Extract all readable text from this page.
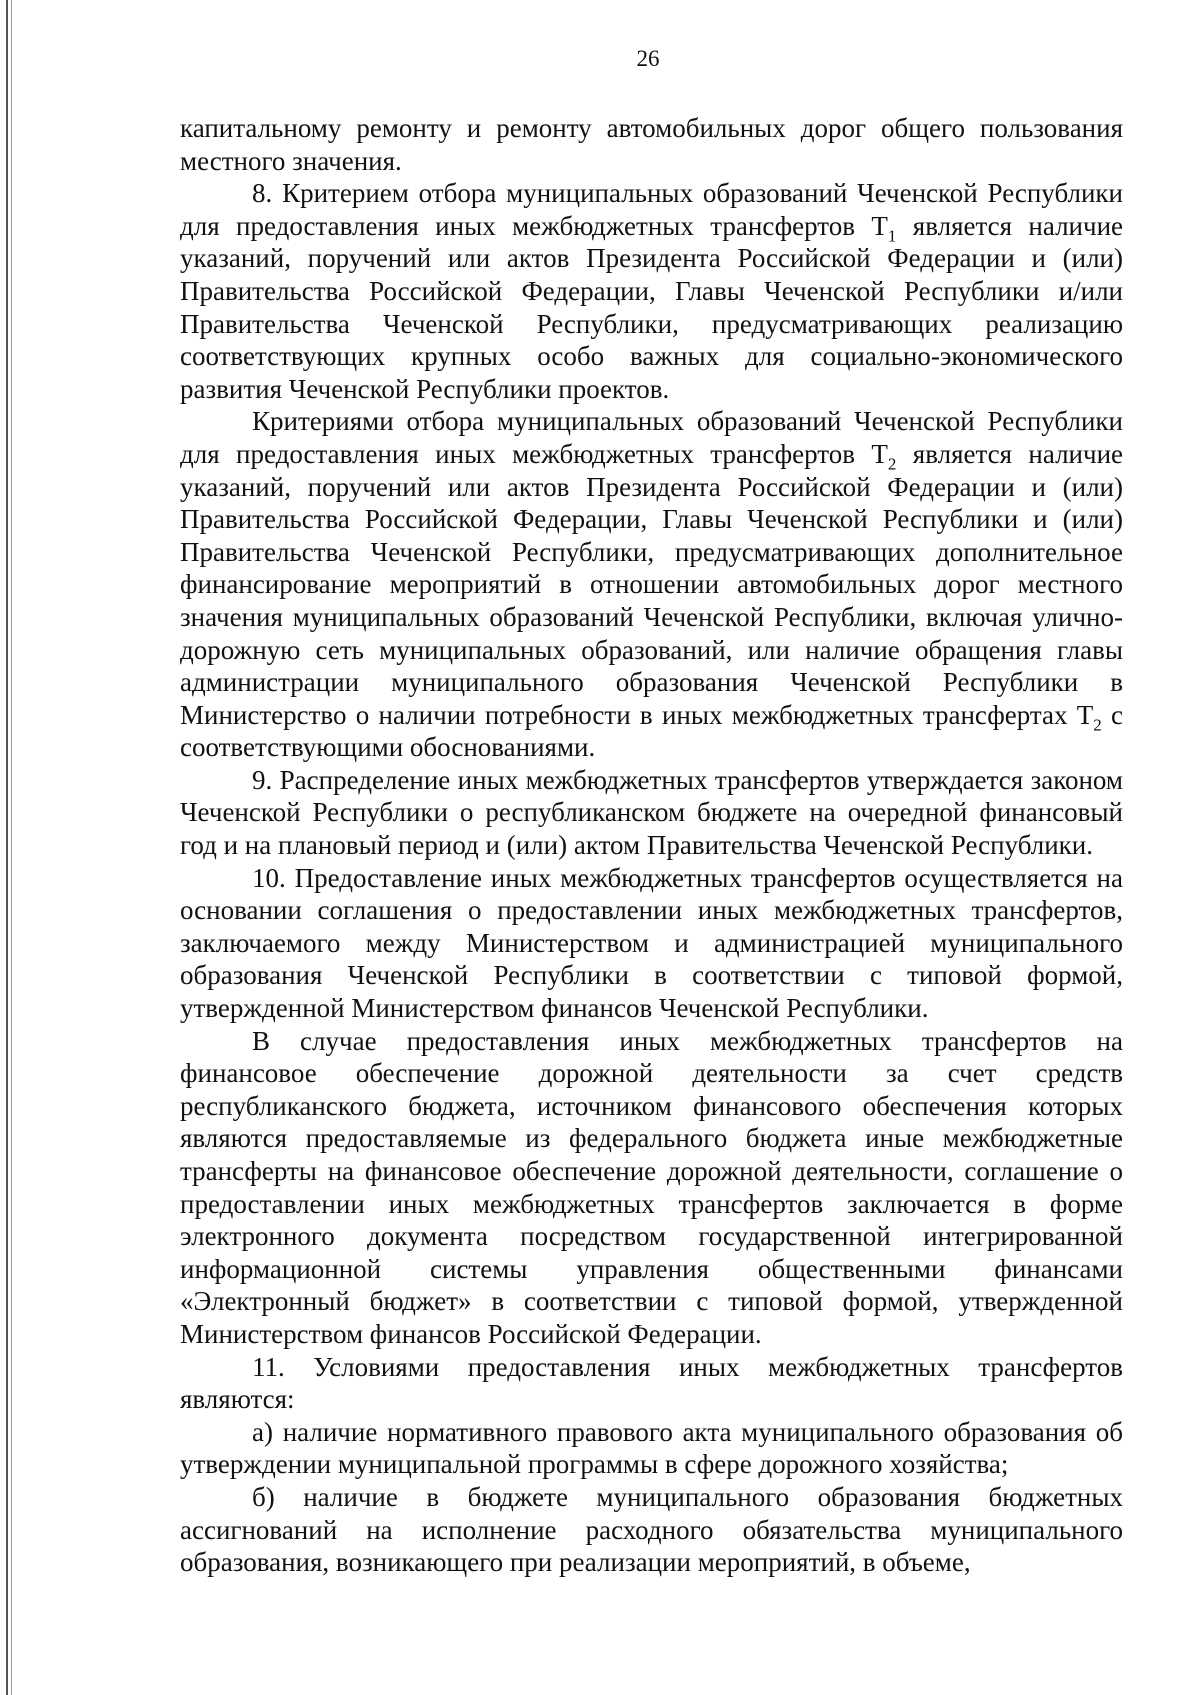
26

капитальному ремонту и ремонту автомобильных дорог общего пользования местного значения.

8. Критерием отбора муниципальных образований Чеченской Республики для предоставления иных межбюджетных трансфертов $T_1$ является наличие указаний, поручений или актов Президента Российской Федерации и (или) Правительства Российской Федерации, Главы Чеченской Республики и/или Правительства Чеченской Республики, предусматривающих реализацию соответствующих крупных особо важных для социально-экономического развития Чеченской Республики проектов.

Критериями отбора муниципальных образований Чеченской Республики для предоставления иных межбюджетных трансфертов $T_2$ является наличие указаний, поручений или актов Президента Российской Федерации и (или) Правительства Российской Федерации, Главы Чеченской Республики и (или) Правительства Чеченской Республики, предусматривающих дополнительное финансирование мероприятий в отношении автомобильных дорог местного значения муниципальных образований Чеченской Республики, включая улично-дорожную сеть муниципальных образований, или наличие обращения главы администрации муниципального образования Чеченской Республики в Министерство о наличии потребности в иных межбюджетных трансфертах $T_2$ с соответствующими обоснованиями.

9. Распределение иных межбюджетных трансфертов утверждается законом Чеченской Республики о республиканском бюджете на очередной финансовый год и на плановый период и (или) актом Правительства Чеченской Республики.

10. Предоставление иных межбюджетных трансфертов осуществляется на основании соглашения о предоставлении иных межбюджетных трансфертов, заключаемого между Министерством и администрацией муниципального образования Чеченской Республики в соответствии с типовой формой, утвержденной Министерством финансов Чеченской Республики.

В случае предоставления иных межбюджетных трансфертов на финансовое обеспечение дорожной деятельности за счет средств республиканского бюджета, источником финансового обеспечения которых являются предоставляемые из федерального бюджета иные межбюджетные трансферты на финансовое обеспечение дорожной деятельности, соглашение о предоставлении иных межбюджетных трансфертов заключается в форме электронного документа посредством государственной интегрированной информационной системы управления общественными финансами «Электронный бюджет» в соответствии с типовой формой, утвержденной Министерством финансов Российской Федерации.

11. Условиями предоставления иных межбюджетных трансфертов являются:

а) наличие нормативного правового акта муниципального образования об утверждении муниципальной программы в сфере дорожного хозяйства;

б) наличие в бюджете муниципального образования бюджетных ассигнований на исполнение расходного обязательства муниципального образования, возникающего при реализации мероприятий, в объеме,
